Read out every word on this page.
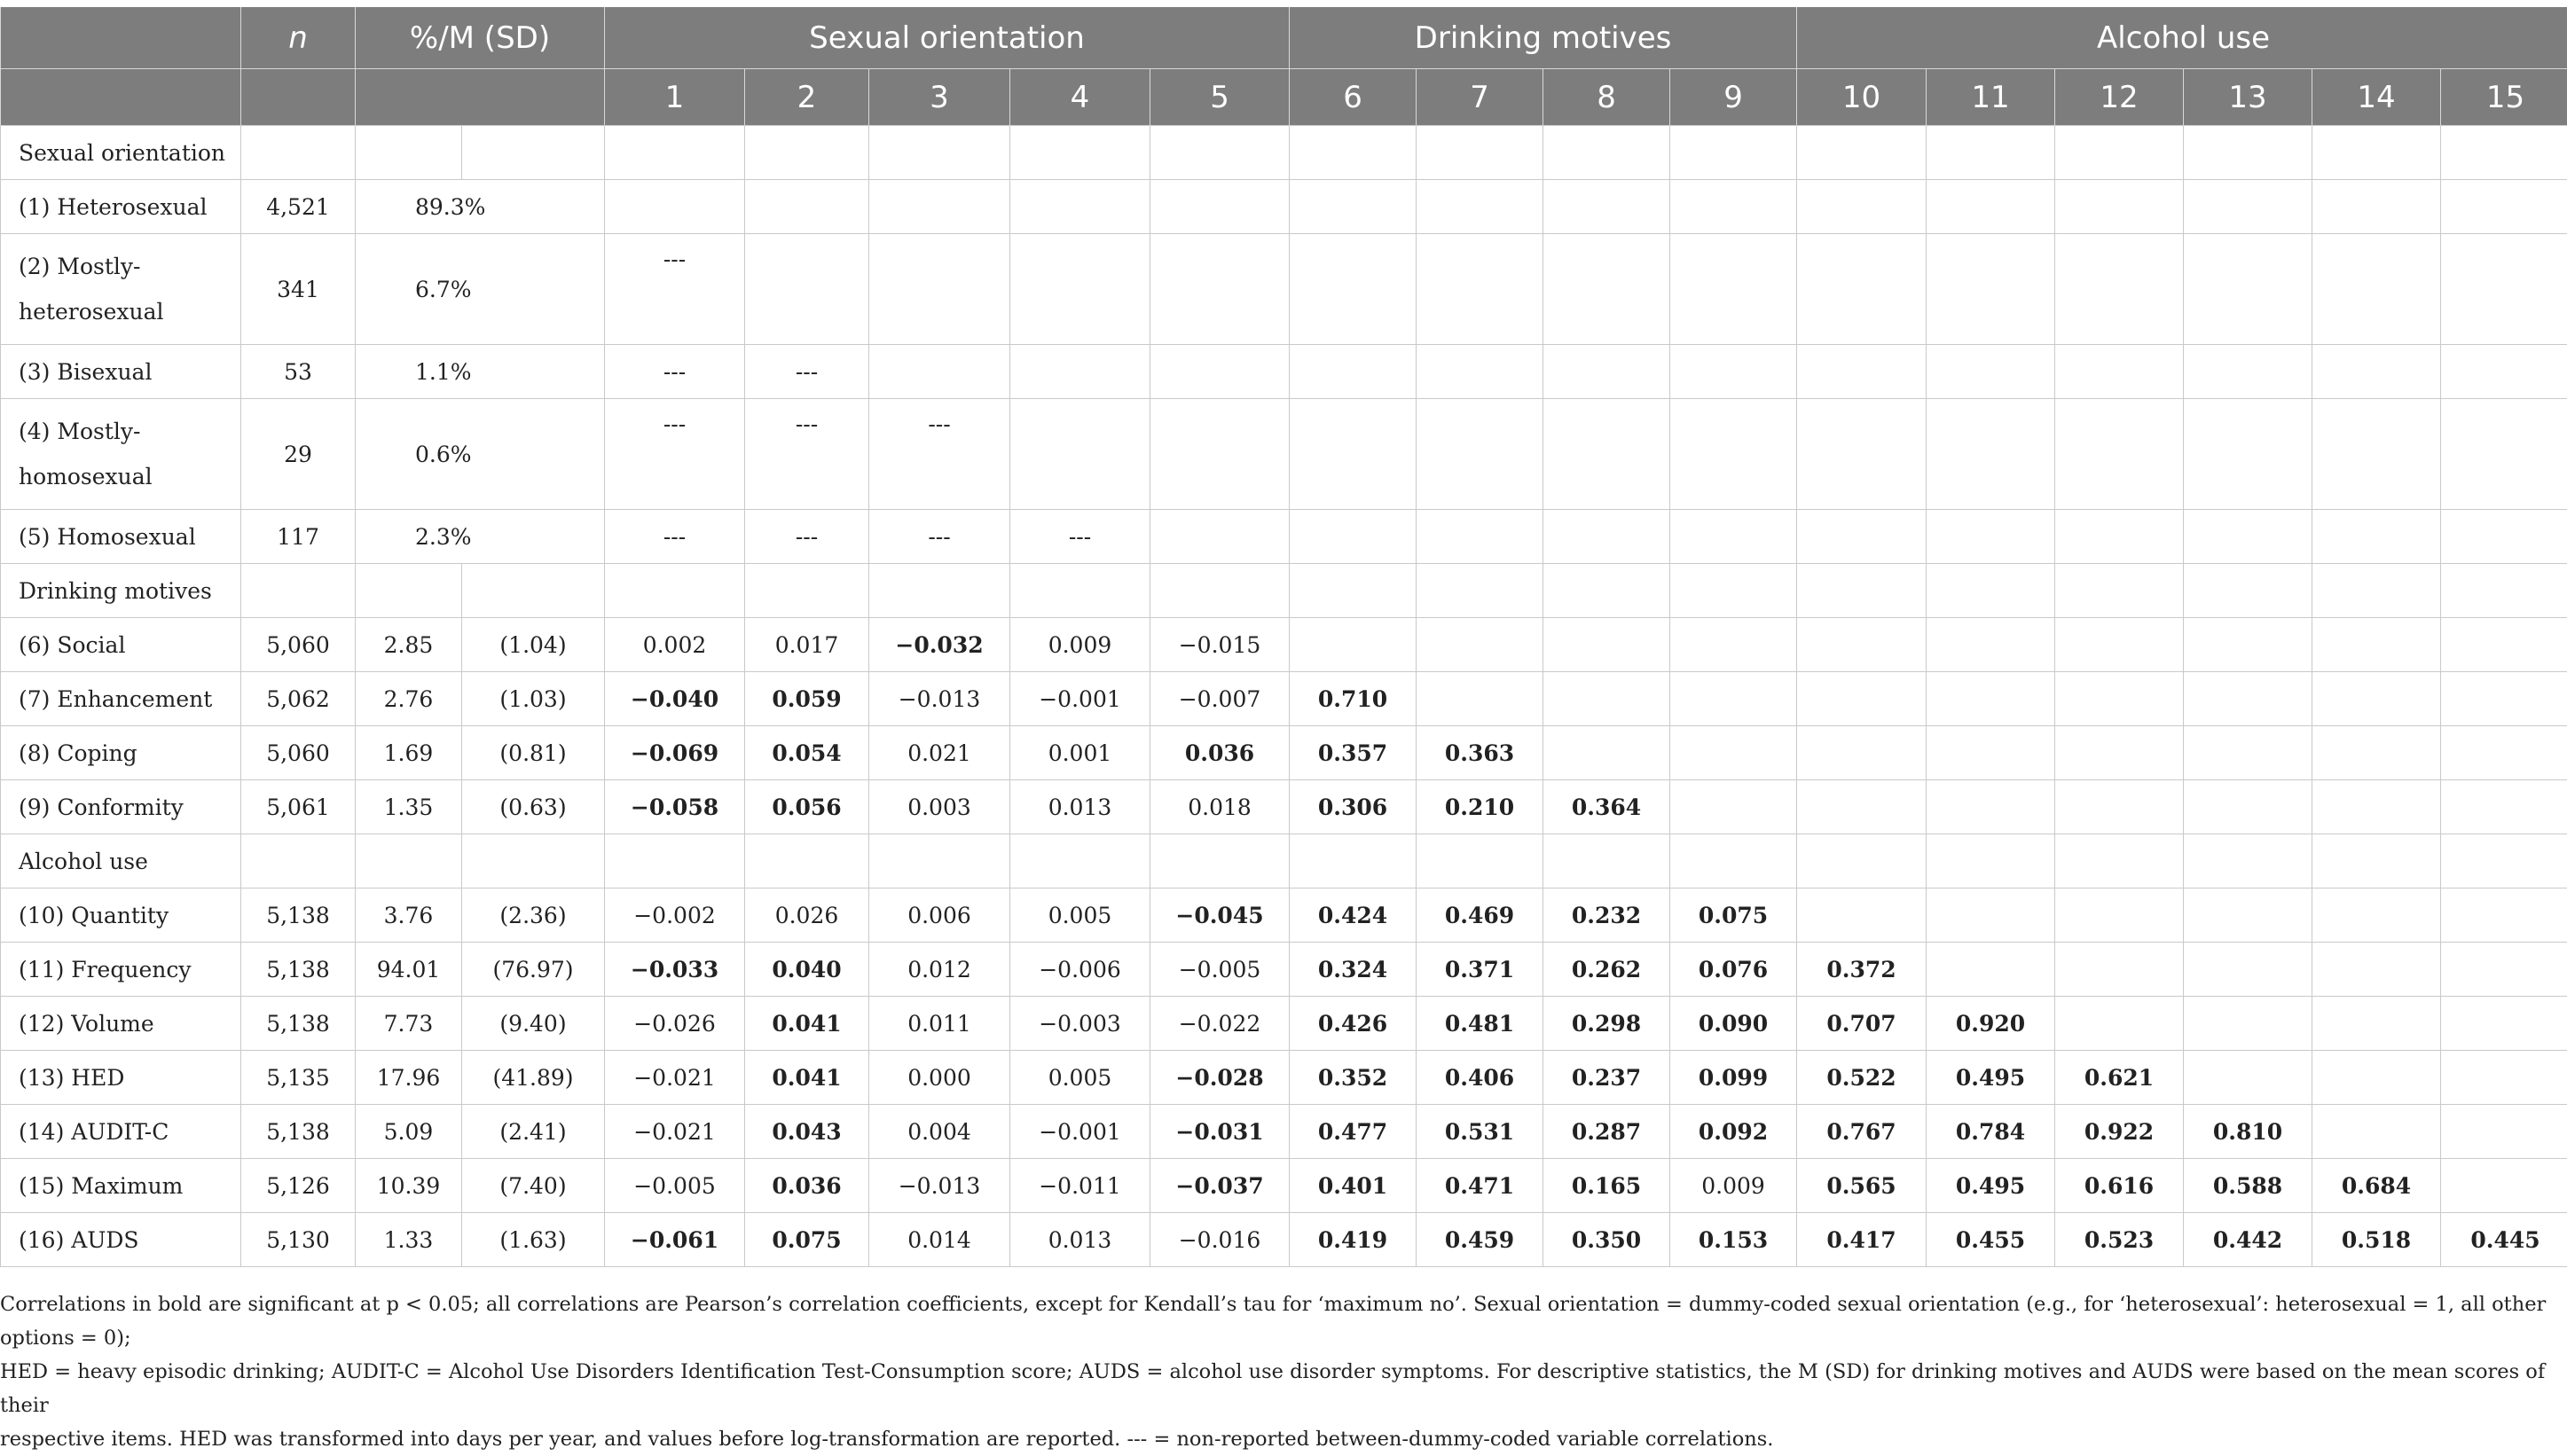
	n	%/M (SD)		Sexual orientation					Drinking motives				Alcohol use					
				1	2	3	4	5	6	7	8	9	10	11	12	13	14	15
Sexual orientation																		
(1) Heterosexual	4,521	89.3%																
(2) Mostly-heterosexual	341	6.7%		---														
(3) Bisexual	53	1.1%		---	---													
(4) Mostly-homosexual	29	0.6%		---	---	---												
(5) Homosexual	117	2.3%		---	---	---	---											
Drinking motives																		
(6) Social	5,060	2.85	(1.04)	0.002	0.017	−0.032	0.009	−0.015										
(7) Enhancement	5,062	2.76	(1.03)	−0.040	0.059	−0.013	−0.001	−0.007	0.710									
(8) Coping	5,060	1.69	(0.81)	−0.069	0.054	0.021	0.001	0.036	0.357	0.363								
(9) Conformity	5,061	1.35	(0.63)	−0.058	0.056	0.003	0.013	0.018	0.306	0.210	0.364							
Alcohol use																		
(10) Quantity	5,138	3.76	(2.36)	−0.002	0.026	0.006	0.005	−0.045	0.424	0.469	0.232	0.075						
(11) Frequency	5,138	94.01	(76.97)	−0.033	0.040	0.012	−0.006	−0.005	0.324	0.371	0.262	0.076	0.372					
(12) Volume	5,138	7.73	(9.40)	−0.026	0.041	0.011	−0.003	−0.022	0.426	0.481	0.298	0.090	0.707	0.920				
(13) HED	5,135	17.96	(41.89)	−0.021	0.041	0.000	0.005	−0.028	0.352	0.406	0.237	0.099	0.522	0.495	0.621			
(14) AUDIT-C	5,138	5.09	(2.41)	−0.021	0.043	0.004	−0.001	−0.031	0.477	0.531	0.287	0.092	0.767	0.784	0.922	0.810		
(15) Maximum	5,126	10.39	(7.40)	−0.005	0.036	−0.013	−0.011	−0.037	0.401	0.471	0.165	0.009	0.565	0.495	0.616	0.588	0.684	
(16) AUDS	5,130	1.33	(1.63)	−0.061	0.075	0.014	0.013	−0.016	0.419	0.459	0.350	0.153	0.417	0.455	0.523	0.442	0.518	0.445

Correlations in bold are significant at p < 0.05; all correlations are Pearson’s correlation coefficients, except for Kendall’s tau for ‘maximum no’. Sexual orientation = dummy-coded sexual orientation (e.g., for ‘heterosexual’: heterosexual = 1, all other options = 0);

HED = heavy episodic drinking; AUDIT-C = Alcohol Use Disorders Identification Test-Consumption score; AUDS = alcohol use disorder symptoms. For descriptive statistics, the M (SD) for drinking motives and AUDS were based on the mean scores of their

respective items. HED was transformed into days per year, and values before log-transformation are reported. --- = non-reported between-dummy-coded variable correlations.
